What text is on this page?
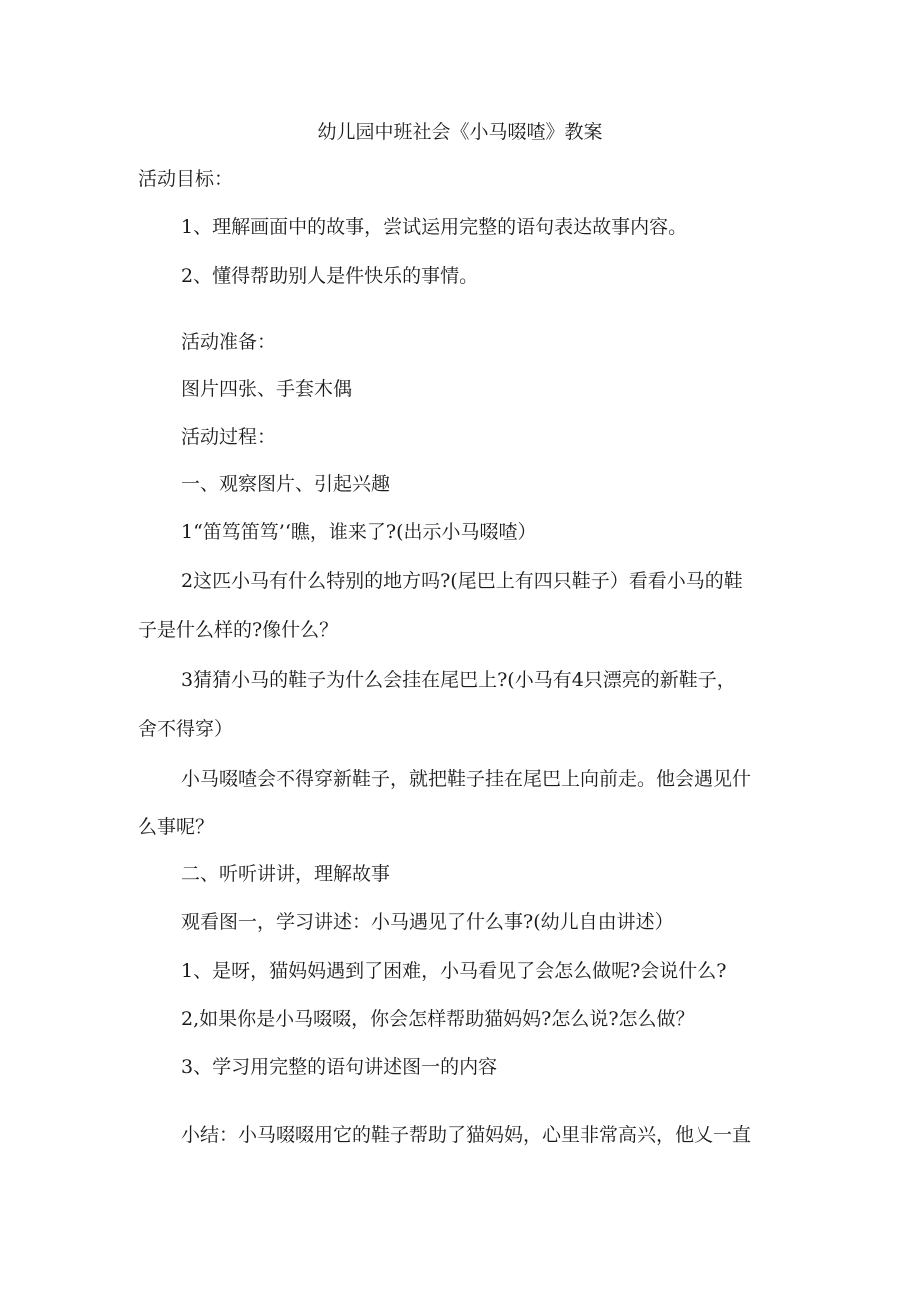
幼儿园中班社会《小马啜喳》教案

活动目标：

1、理解画面中的故事，尝试运用完整的语句表达故事内容。

2、懂得帮助别人是件快乐的事情。

活动准备：

图片四张、手套木偶

活动过程：

一、观察图片、引起兴趣

1“笛笃笛笃’‘瞧，谁来了?(出示小马啜喳）

2这匹小马有什么特别的地方吗?(尾巴上有四只鞋子）看看小马的鞋

子是什么样的?像什么？

3猜猜小马的鞋子为什么会挂在尾巴上?(小马有4只漂亮的新鞋子，

舍不得穿）

小马啜喳会不得穿新鞋子，就把鞋子挂在尾巴上向前走。他会遇见什

么事呢？

二、听听讲讲，理解故事

观看图一，学习讲述：小马遇见了什么事?(幼儿自由讲述）

1、是呀，猫妈妈遇到了困难，小马看见了会怎么做呢?会说什么?

2,如果你是小马啜啜，你会怎样帮助猫妈妈?怎么说?怎么做？

3、学习用完整的语句讲述图一的内容

小结：小马啜啜用它的鞋子帮助了猫妈妈，心里非常高兴，他乂一直
